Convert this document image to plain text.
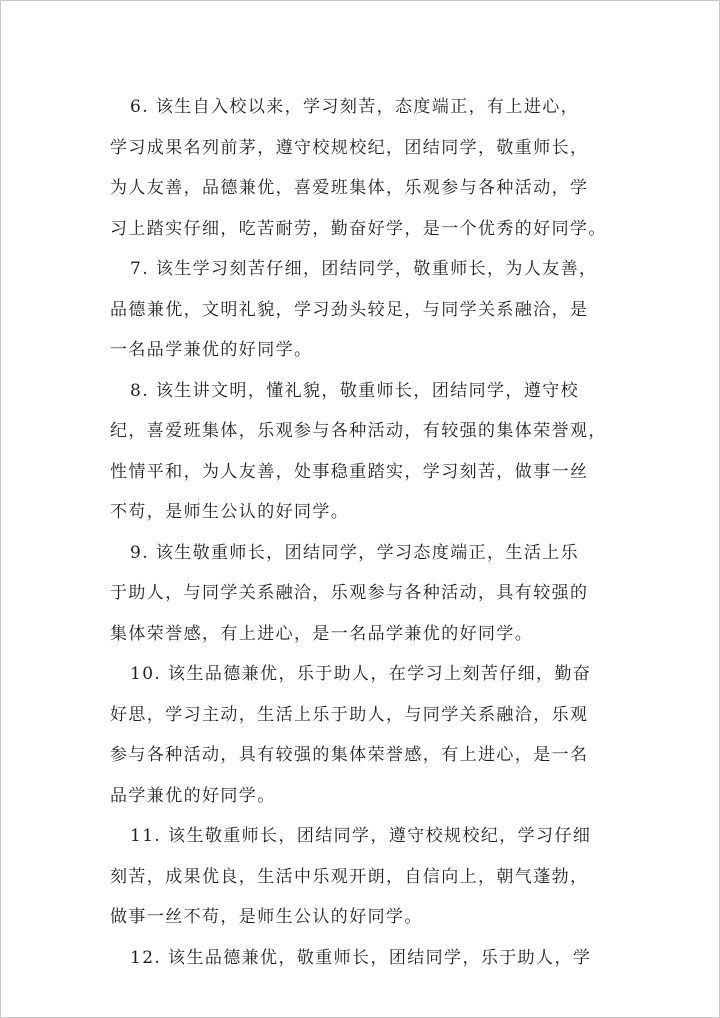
6. 该生自入校以来，学习刻苦，态度端正，有上进心，
学习成果名列前茅，遵守校规校纪，团结同学，敬重师长，
为人友善，品德兼优，喜爱班集体，乐观参与各种活动，学
习上踏实仔细，吃苦耐劳，勤奋好学，是一个优秀的好同学。
7. 该生学习刻苦仔细，团结同学，敬重师长，为人友善，
品德兼优，文明礼貌，学习劲头较足，与同学关系融洽，是
一名品学兼优的好同学。
8. 该生讲文明，懂礼貌，敬重师长，团结同学，遵守校
纪，喜爱班集体，乐观参与各种活动，有较强的集体荣誉观，
性情平和，为人友善，处事稳重踏实，学习刻苦，做事一丝
不苟，是师生公认的好同学。
9. 该生敬重师长，团结同学，学习态度端正，生活上乐
于助人，与同学关系融洽，乐观参与各种活动，具有较强的
集体荣誉感，有上进心，是一名品学兼优的好同学。
10. 该生品德兼优，乐于助人，在学习上刻苦仔细，勤奋
好思，学习主动，生活上乐于助人，与同学关系融洽，乐观
参与各种活动，具有较强的集体荣誉感，有上进心，是一名
品学兼优的好同学。
11. 该生敬重师长，团结同学，遵守校规校纪，学习仔细
刻苦，成果优良，生活中乐观开朗，自信向上，朝气蓬勃，
做事一丝不苟，是师生公认的好同学。
12. 该生品德兼优，敬重师长，团结同学，乐于助人，学
